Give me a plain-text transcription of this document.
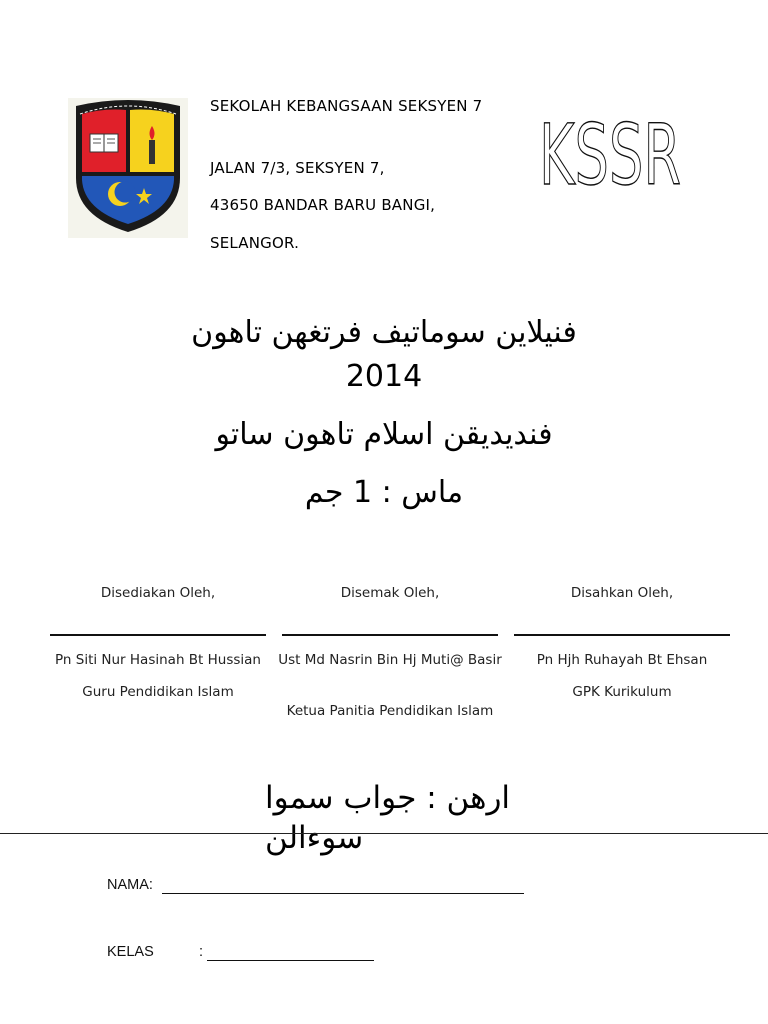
SEKOLAH KEBANGSAAN SEKSYEN 7
JALAN 7/3, SEKSYEN 7,
43650 BANDAR BARU BANGI,
SELANGOR.
KSSR
فنيلاين سوماتيف فرتغهن تاهون
2014
فنديديقن اسلام تاهون ساتو
ماس : 1 جم
Disediakan Oleh,
Pn Siti Nur Hasinah Bt Hussian
Guru Pendidikan Islam
Disemak Oleh,
Ust Md Nasrin Bin Hj Muti@ Basir
Ketua Panitia Pendidikan Islam
Disahkan Oleh,
Pn Hjh Ruhayah Bt Ehsan
GPK Kurikulum
ارهن : جواب سموا سوءالن
NAMA:
KELAS	:
